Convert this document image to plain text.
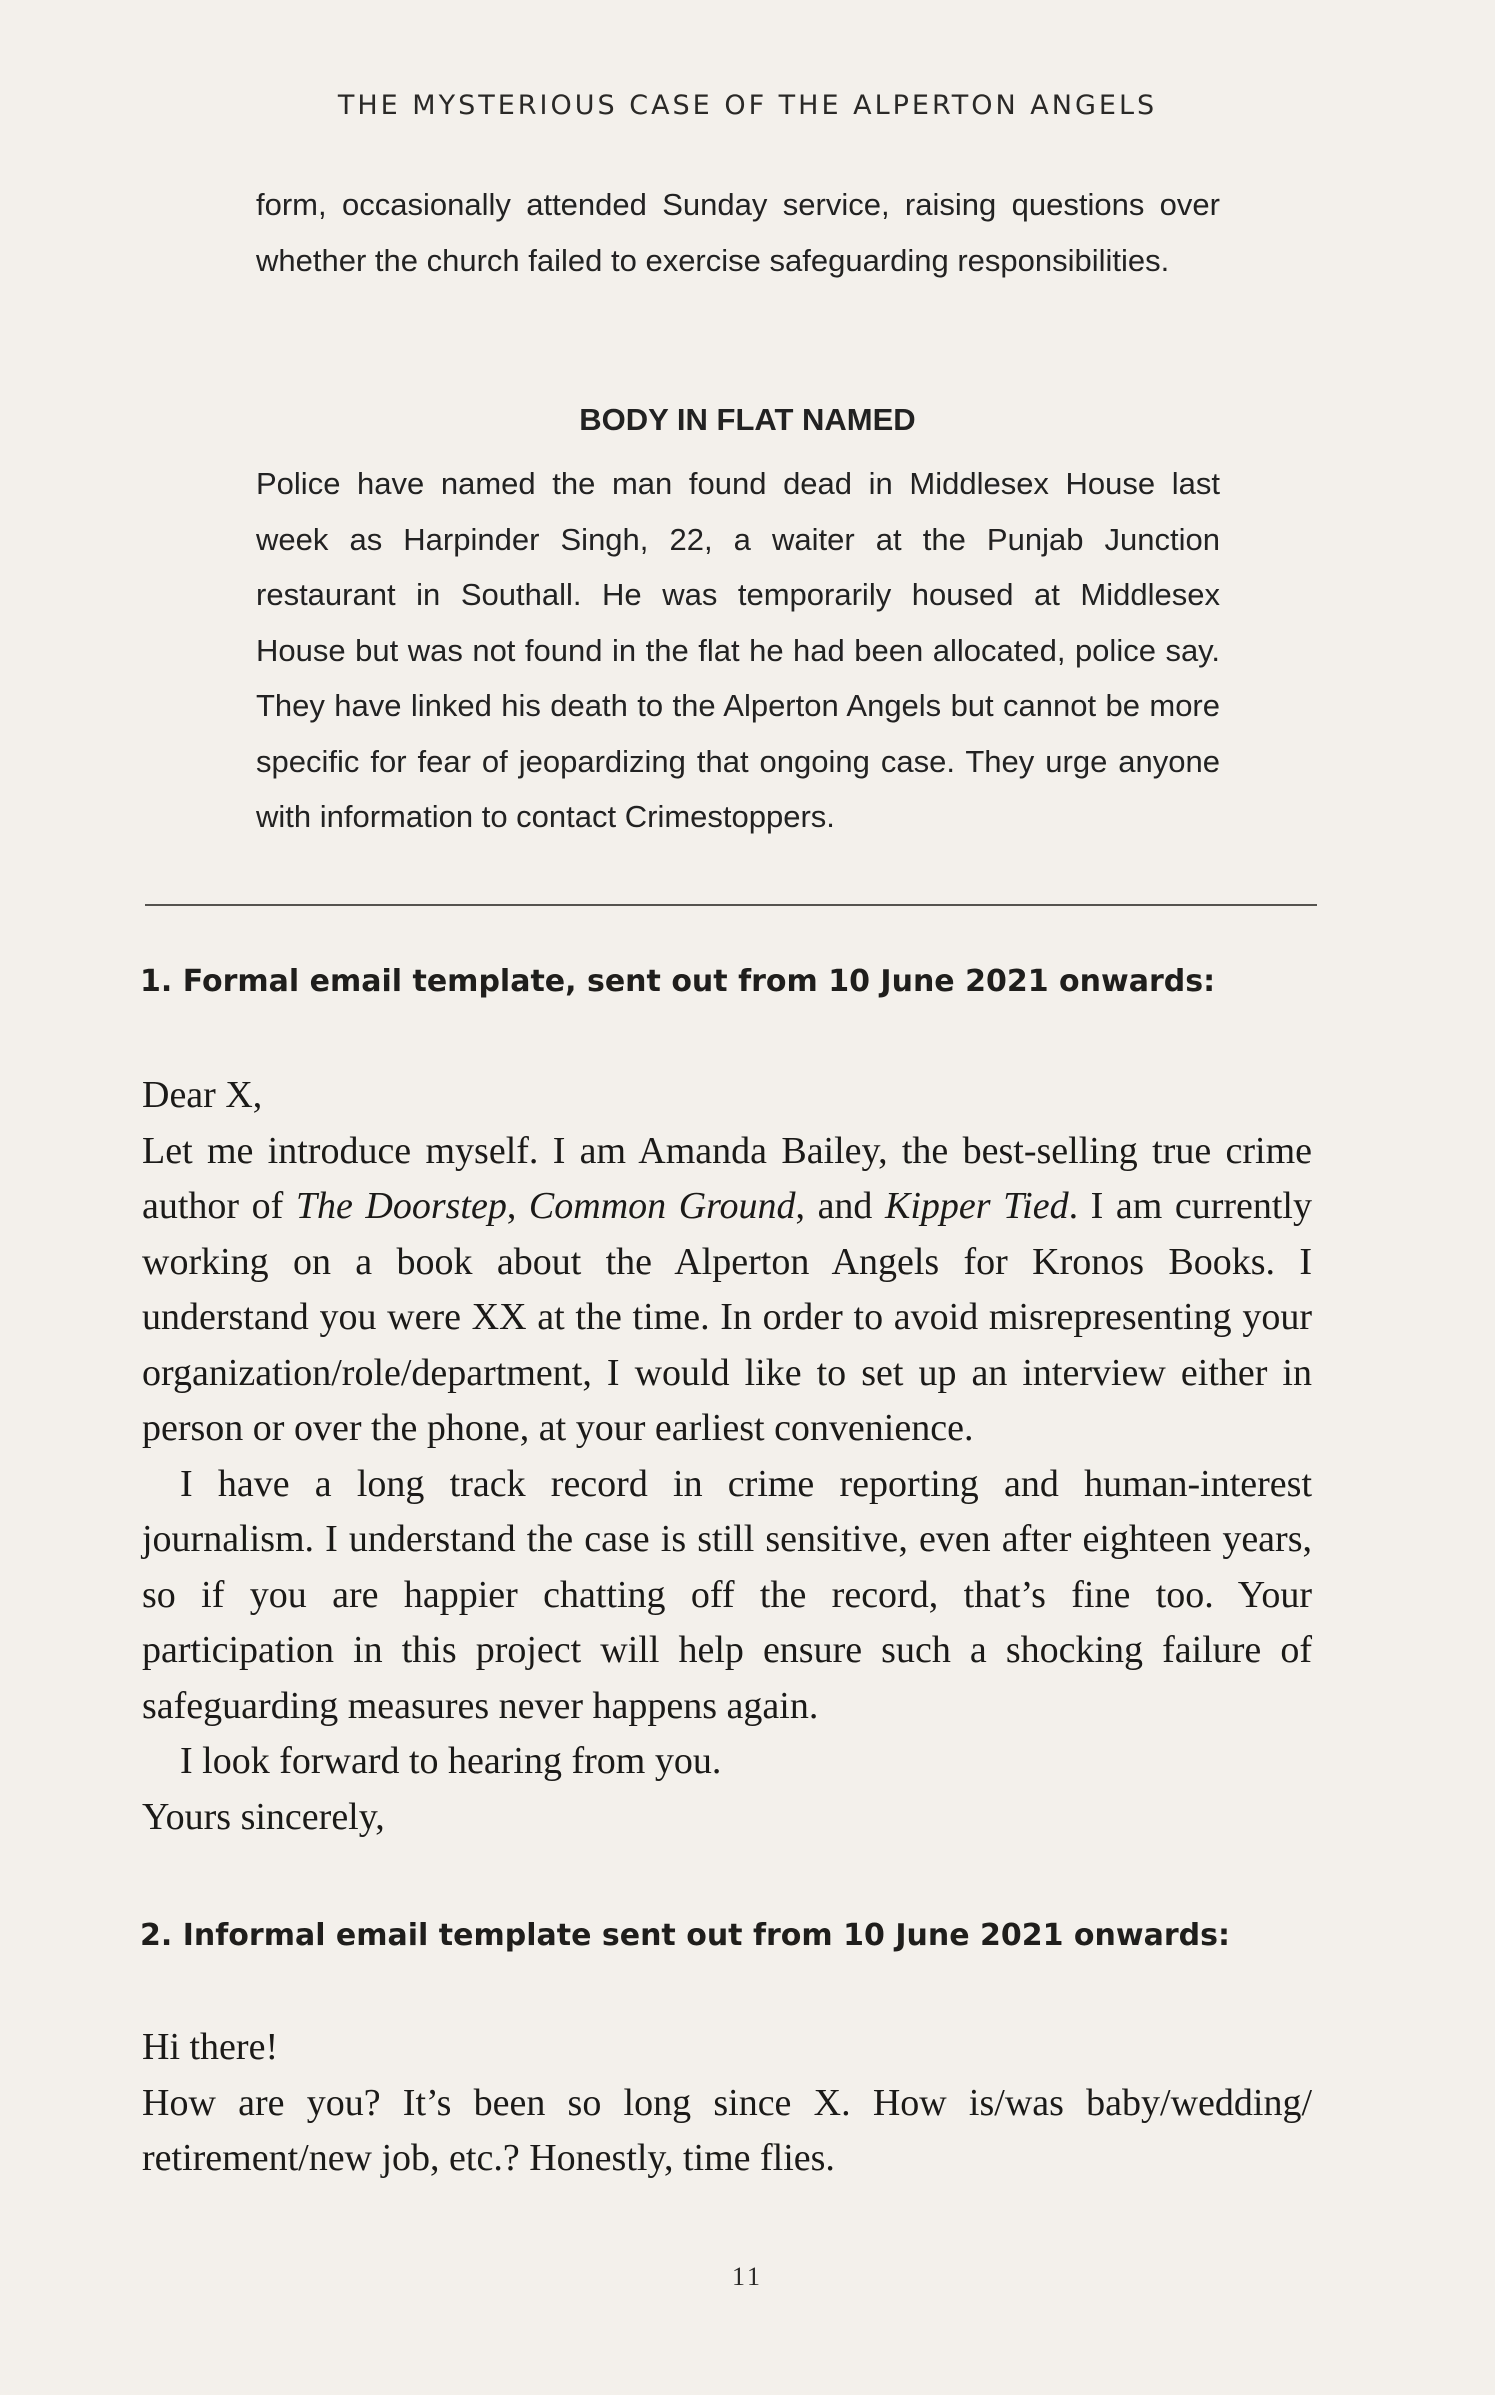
THE MYSTERIOUS CASE OF THE ALPERTON ANGELS

form, occasionally attended Sunday service, raising questions over whether the church failed to exercise safeguarding responsibilities.

BODY IN FLAT NAMED

Police have named the man found dead in Middlesex House last week as Harpinder Singh, 22, a waiter at the Punjab Junction restaurant in Southall. He was temporarily housed at Middlesex House but was not found in the flat he had been allocated, police say. They have linked his death to the Alperton Angels but cannot be more specific for fear of jeopardizing that ongoing case. They urge anyone with information to contact Crimestoppers.

1. Formal email template, sent out from 10 June 2021 onwards:

Dear X,

Let me introduce myself. I am Amanda Bailey, the best-selling true crime author of The Doorstep, Common Ground, and Kipper Tied. I am currently working on a book about the Alperton Angels for Kronos Books. I understand you were XX at the time. In order to avoid misrepresenting your organization/role/department, I would like to set up an interview either in person or over the phone, at your earliest convenience.

I have a long track record in crime reporting and human-interest journalism. I understand the case is still sensitive, even after eighteen years, so if you are happier chatting off the record, that’s fine too. Your participation in this project will help ensure such a shocking failure of safeguarding measures never happens again.

I look forward to hearing from you.

Yours sincerely,

2. Informal email template sent out from 10 June 2021 onwards:

Hi there!

How are you? It’s been so long since X. How is/was baby/wedding/ retirement/new job, etc.? Honestly, time flies.

11
